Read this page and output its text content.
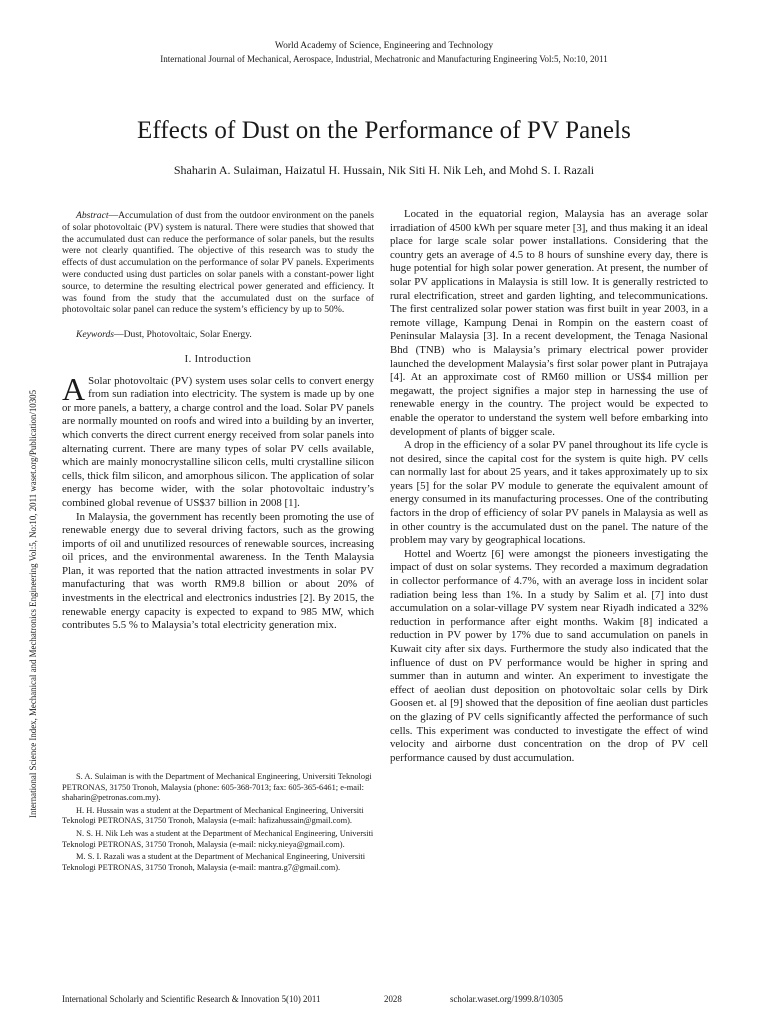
World Academy of Science, Engineering and Technology
International Journal of Mechanical, Aerospace, Industrial, Mechatronic and Manufacturing Engineering Vol:5, No:10, 2011
International Science Index, Mechanical and Mechatronics Engineering Vol:5, No:10, 2011 waset.org/Publication/10305
Effects of Dust on the Performance of PV Panels
Shaharin A. Sulaiman, Haizatul H. Hussain, Nik Siti H. Nik Leh, and Mohd S. I. Razali

Abstract—Accumulation of dust from the outdoor environment on the panels of solar photovoltaic (PV) system is natural. There were studies that showed that the accumulated dust can reduce the performance of solar panels, but the results were not clearly quantified. The objective of this research was to study the effects of dust accumulation on the performance of solar PV panels. Experiments were conducted using dust particles on solar panels with a constant-power light source, to determine the resulting electrical power generated and efficiency. It was found from the study that the accumulated dust on the surface of photovoltaic solar panel can reduce the system’s efficiency by up to 50%.

Keywords—Dust, Photovoltaic, Solar Energy.

I. Introduction

A Solar photovoltaic (PV) system uses solar cells to convert energy from sun radiation into electricity. The system is made up by one or more panels, a battery, a charge control and the load. Solar PV panels are normally mounted on roofs and wired into a building by an inverter, which converts the direct current energy received from solar panels into alternating current. There are many types of solar PV cells available, which are mainly monocrystalline silicon cells, multi crystalline silicon cells, thick film silicon, and amorphous silicon. The application of solar energy has become wider, with the solar photovoltaic industry’s combined global revenue of US$37 billion in 2008 [1].

In Malaysia, the government has recently been promoting the use of renewable energy due to several driving factors, such as the growing imports of oil and unutilized resources of renewable sources, increasing oil prices, and the environmental awareness. In the Tenth Malaysia Plan, it was reported that the nation attracted investments in solar PV manufacturing that was worth RM9.8 billion or about 20% of investments in the electrical and electronics industries [2]. By 2015, the renewable energy capacity is expected to expand to 985 MW, which contributes 5.5 % to Malaysia’s total electricity generation mix.

S. A. Sulaiman is with the Department of Mechanical Engineering, Universiti Teknologi PETRONAS, 31750 Tronoh, Malaysia (phone: 605-368-7013; fax: 605-365-6461; e-mail: shaharin@petronas.com.my).

H. H. Hussain was a student at the Department of Mechanical Engineering, Universiti Teknologi PETRONAS, 31750 Tronoh, Malaysia (e-mail: hafizahussain@gmail.com).

N. S. H. Nik Leh was a student at the Department of Mechanical Engineering, Universiti Teknologi PETRONAS, 31750 Tronoh, Malaysia (e-mail: nicky.nieya@gmail.com).

M. S. I. Razali was a student at the Department of Mechanical Engineering, Universiti Teknologi PETRONAS, 31750 Tronoh, Malaysia (e-mail: mantra.g7@gmail.com).

Located in the equatorial region, Malaysia has an average solar irradiation of 4500 kWh per square meter [3], and thus making it an ideal place for large scale solar power installations. Considering that the country gets an average of 4.5 to 8 hours of sunshine every day, there is huge potential for high solar power generation. At present, the number of solar PV applications in Malaysia is still low. It is generally restricted to rural electrification, street and garden lighting, and telecommunications. The first centralized solar power station was first built in year 2003, in a remote village, Kampung Denai in Rompin on the eastern coast of Peninsular Malaysia [3]. In a recent development, the Tenaga Nasional Bhd (TNB) who is Malaysia’s primary electrical power provider launched the development Malaysia’s first solar power plant in Putrajaya [4]. At an approximate cost of RM60 million or US$4 million per megawatt, the project signifies a major step in harnessing the use of renewable energy in the country. The project would be expected to enable the operator to understand the system well before embarking into development of plants of bigger scale.

A drop in the efficiency of a solar PV panel throughout its life cycle is not desired, since the capital cost for the system is quite high. PV cells can normally last for about 25 years, and it takes approximately up to six years [5] for the solar PV module to generate the equivalent amount of energy consumed in its manufacturing processes. One of the contributing factors in the drop of efficiency of solar PV panels in Malaysia as well as in other country is the accumulated dust on the panel. The nature of the problem may vary by geographical locations.

Hottel and Woertz [6] were amongst the pioneers investigating the impact of dust on solar systems. They recorded a maximum degradation in collector performance of 4.7%, with an average loss in incident solar radiation being less than 1%. In a study by Salim et al. [7] into dust accumulation on a solar-village PV system near Riyadh indicated a 32% reduction in performance after eight months. Wakim [8] indicated a reduction in PV power by 17% due to sand accumulation on panels in Kuwait city after six days. Furthermore the study also indicated that the influence of dust on PV performance would be higher in spring and summer than in autumn and winter. An experiment to investigate the effect of aeolian dust deposition on photovoltaic solar cells by Dirk Goosen et. al [9] showed that the deposition of fine aeolian dust particles on the glazing of PV cells significantly affected the performance of such cells. This experiment was conducted to investigate the effect of wind velocity and airborne dust concentration on the drop of PV cell performance caused by dust accumulation.

International Scholarly and Scientific Research & Innovation 5(10) 2011	2028	scholar.waset.org/1999.8/10305
